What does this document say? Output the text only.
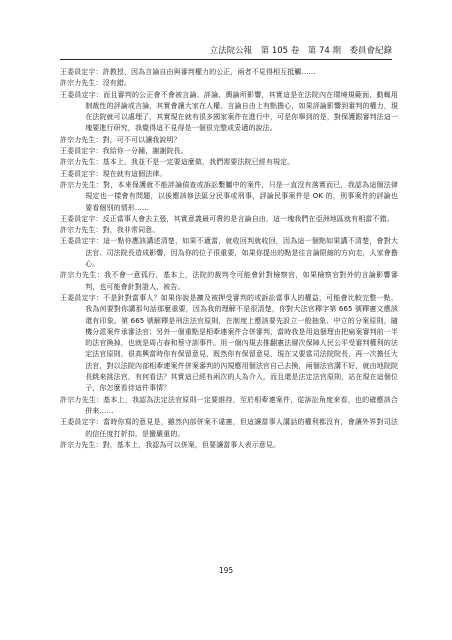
立法院公報　第 105 卷　第 74 期　委員會紀錄

王委員定宇：許教授，因為言論自由與審判權力的公正，兩者不見得相互抵觸……

許宗力先生：沒有錯。

王委員定宇：而且審判的公正會不會被言論、評論、輿論所影響，其實這是在法院內在環境規範面，動輒用制裁性的評論或言論，其實會讓大家在人權、言論自由上有點擔心，如果評論影響到審判的權力，現在法院就可以處理了，其實現在就有很多國家案件在進行中，可是你舉到的是，對保護跟審判法這一塊要進行研究，我覺得這不見得是一個很完整或妥適的說法。

許宗力先生：對，可不可以讓我說明？

王委員定宇：我給你一分鐘，謝謝院長。

許宗力先生：基本上，我並不是一定要這麼做，我們需要法院已經有規定。

王委員定宇：現在就有這個法律。

許宗力先生：對，本來保護就不能評論偵查或訴訟繫屬中的案件，只是一直沒有落實而已，我認為這個法律規定也一樣會有問題，以後應該修法區分民事或刑事，評論民事案件是 OK 的，刑事案件的評論也要看個別的情形……

王委員定宇：反正當事人會去主張，其實意義最可貴的是言論自由，這一塊我們在亞洲地區就有相當不錯。

許宗力先生：對，我非常同意。

王委員定宇：這一點你應該講述清楚，如果不適當，就收回判就收回，因為這一個點如果講不清楚，會對大法官、司法院長造成影響，因為你的位子很重要，如果你提出的點是往言論限縮的方向走，人家會擔心。

許宗力先生：我不會一意孤行，基本上，法院的裁判令可能會針對檢察官，如果檢察官對外的言論影響審判，也可能會針對證人、被告。

王委員定宇：不是針對當事人？如果你說是擴及被押受審判的或訴訟當事人的權益，可能會比較完整一點，我為何要對你講那句話那麼重要，因為我的理解不是很清楚，你對大法官釋字第 665 號釋憲文應該還有印象。第 665 號解釋是刑法法官原則，在制度上應該要先設立一般抽象、中立的分案原則，隨機分派案件承審法官；另外一個重點是相牽連案件合併審判，當時我是用這個理由把扁案審判前一半的法官換掉，也就是周占春和蔡守訓事件。用一個內規去推翻憲法層次保障人民公平受審判權利的法定法官原則，很高興當時你有保留意見，既然你有保留意見，現在又要當司法院院長，再一次擔任大法官，對以法院內部相牽連案件併案審判的內規應用個法官自己去換，兩個法官講不好，就由地院院長跳來挑法官，有何看法？其實這已經有兩次的人為介入，而且還是法定法官原則，站在現在這個位子，你怎麼看待這件事情？

許宗力先生：基本上，我認為法定法官原則一定要維持，至於相牽連案件，從訴訟角度來看，也的確應該合併來……

王委員定宇：當時你寫的意見是，雖然內部併案不違憲，但這讓當事人講話的權利都沒有，會讓外界對司法的信任度打折扣，是蠻嚴重的。

許宗力先生：對，基本上，我認為可以併案，但要讓當事人表示意見。

195
